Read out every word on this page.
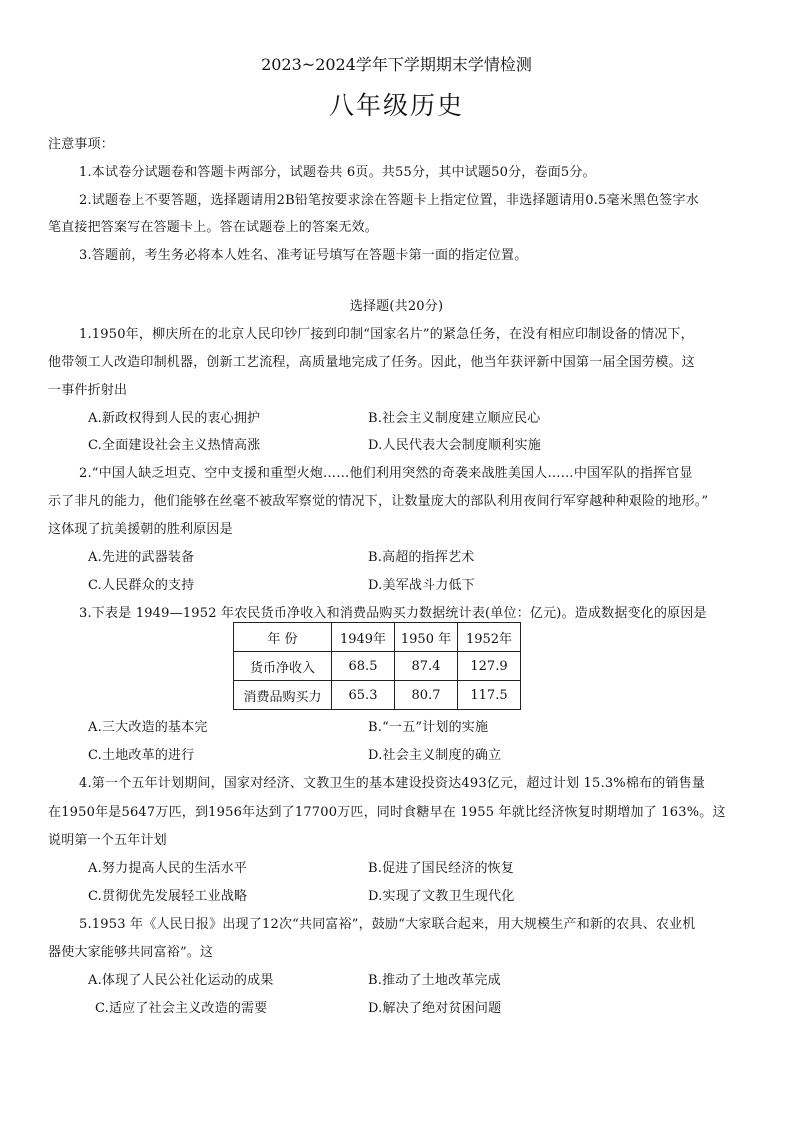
2023~2024学年下学期期末学情检测
八年级历史
注意事项：
1.本试卷分试题卷和答题卡两部分，试题卷共 6页。共55分，其中试题50分，卷面5分。
2.试题卷上不要答题，选择题请用2B铅笔按要求涂在答题卡上指定位置，非选择题请用0.5毫米黑色签字水
笔直接把答案写在答题卡上。答在试题卷上的答案无效。
3.答题前，考生务必将本人姓名、准考证号填写在答题卡第一面的指定位置。
选择题(共20分)
1.1950年，柳庆所在的北京人民印钞厂接到印制“国家名片”的紧急任务，在没有相应印制设备的情况下，
他带领工人改造印制机器，创新工艺流程，高质量地完成了任务。因此，他当年获评新中国第一届全国劳模。这
一事件折射出
A.新政权得到人民的衷心拥护	B.社会主义制度建立顺应民心
C.全面建设社会主义热情高涨	D.人民代表大会制度顺利实施
2.“中国人缺乏坦克、空中支援和重型火炮……他们利用突然的奇袭来战胜美国人……中国军队的指挥官显
示了非凡的能力，他们能够在丝毫不被敌军察觉的情况下，让数量庞大的部队利用夜间行军穿越种种艰险的地形。”
这体现了抗美援朝的胜利原因是
A.先进的武器装备	B.高超的指挥艺术
C.人民群众的支持	D.美军战斗力低下
3.下表是 1949—1952 年农民货币净收入和消费品购买力数据统计表(单位：亿元)。造成数据变化的原因是
年 份	1949年	1950 年	1952年
货币净收入	68.5	87.4	127.9
消费品购买力	65.3	80.7	117.5
A.三大改造的基本完	B.“一五”计划的实施
C.土地改革的进行	D.社会主义制度的确立
4.第一个五年计划期间，国家对经济、文教卫生的基本建设投资达493亿元，超过计划 15.3%棉布的销售量
在1950年是5647万匹，到1956年达到了17700万匹，同时食糖早在 1955 年就比经济恢复时期增加了 163%。这
说明第一个五年计划
A.努力提高人民的生活水平	B.促进了国民经济的恢复
C.贯彻优先发展轻工业战略	D.实现了文教卫生现代化
5.1953 年《人民日报》出现了12次“共同富裕”，鼓励“大家联合起来，用大规模生产和新的农具、农业机
器使大家能够共同富裕”。这
A.体现了人民公社化运动的成果	B.推动了土地改革完成
C.适应了社会主义改造的需要	D.解决了绝对贫困问题
